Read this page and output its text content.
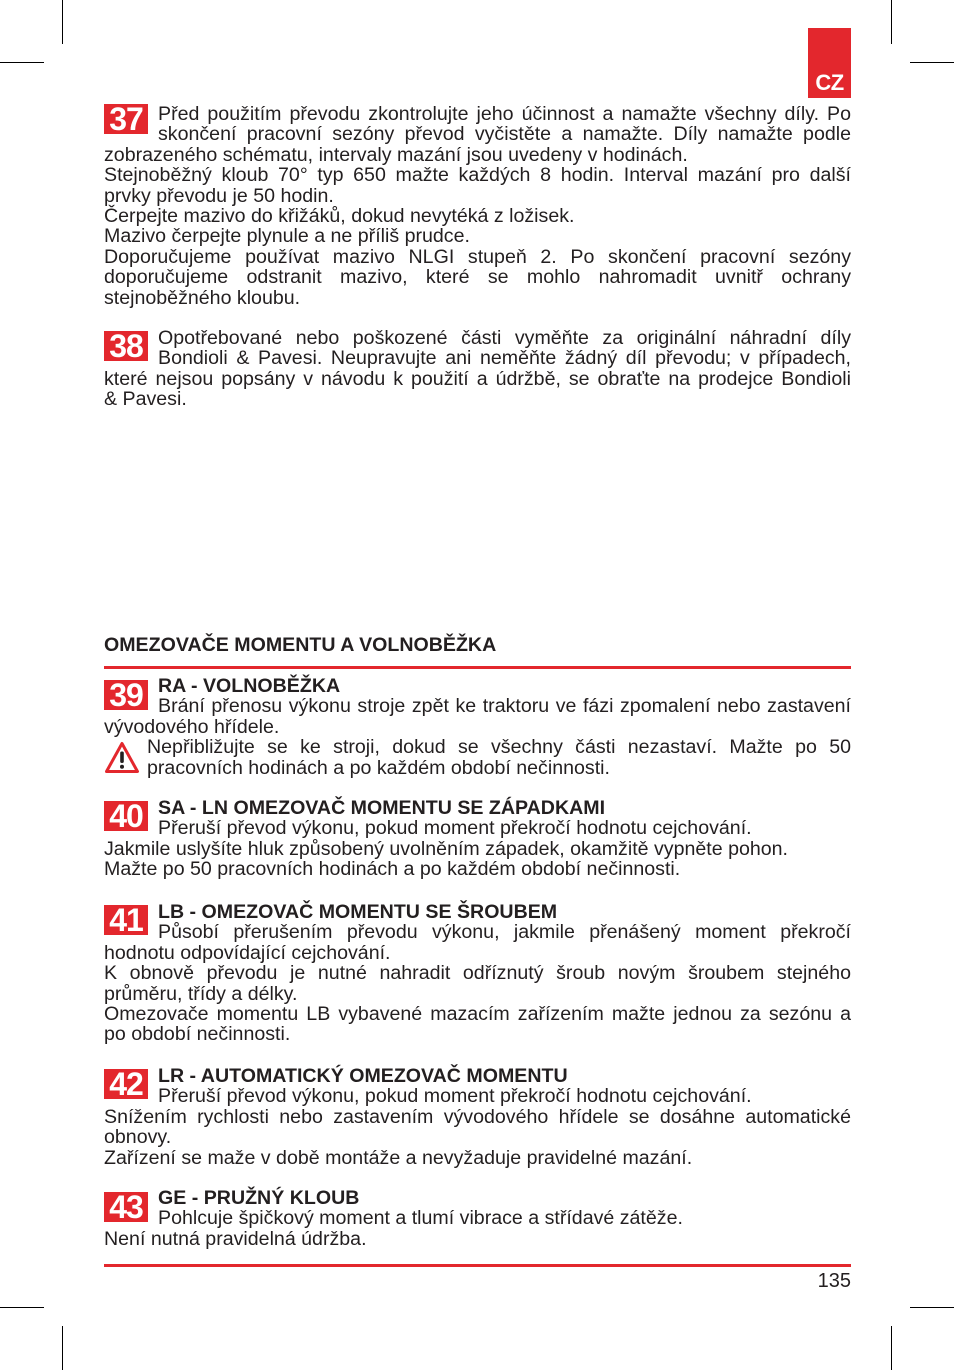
CZ
37 Před použitím převodu zkontrolujte jeho účinnost a namažte všechny díly. Po
skončení pracovní sezóny převod vyčistěte a namažte. Díly namažte podle
zobrazeného schématu, intervaly mazání jsou uvedeny v hodinách.
Stejnoběžný kloub 70° typ 650 mažte každých 8 hodin. Interval mazání pro další
prvky převodu je 50 hodin.
Čerpejte mazivo do křižáků, dokud nevytéká z ložisek.
Mazivo čerpejte plynule a ne příliš prudce.
Doporučujeme používat mazivo NLGI stupeň 2. Po skončení pracovní sezóny
doporučujeme odstranit mazivo, které se mohlo nahromadit uvnitř ochrany
stejnoběžného kloubu.
38 Opotřebované nebo poškozené části vyměňte za originální náhradní díly
Bondioli & Pavesi. Neupravujte ani neměňte žádný díl převodu; v případech,
které nejsou popsány v návodu k použití a údržbě, se obraťte na prodejce Bondioli
& Pavesi.
OMEZOVAČE MOMENTU A VOLNOBĚŽKA
39 RA - VOLNOBĚŽKA
Brání přenosu výkonu stroje zpět ke traktoru ve fázi zpomalení nebo zastavení
vývodového hřídele.
Nepřibližujte se ke stroji, dokud se všechny části nezastaví. Mažte po 50
pracovních hodinách a po každém období nečinnosti.
40 SA - LN OMEZOVAČ MOMENTU SE ZÁPADKAMI
Přeruší převod výkonu, pokud moment překročí hodnotu cejchování.
Jakmile uslyšíte hluk způsobený uvolněním západek, okamžitě vypněte pohon.
Mažte po 50 pracovních hodinách a po každém období nečinnosti.
41 LB - OMEZOVAČ MOMENTU SE ŠROUBEM
Působí přerušením převodu výkonu, jakmile přenášený moment překročí
hodnotu odpovídající cejchování.
K obnově převodu je nutné nahradit odříznutý šroub novým šroubem stejného
průměru, třídy a délky.
Omezovače momentu LB vybavené mazacím zařízením mažte jednou za sezónu a
po období nečinnosti.
42 LR - AUTOMATICKÝ OMEZOVAČ MOMENTU
Přeruší převod výkonu, pokud moment překročí hodnotu cejchování.
Snížením rychlosti nebo zastavením vývodového hřídele se dosáhne automatické
obnovy.
Zařízení se maže v době montáže a nevyžaduje pravidelné mazání.
43 GE - PRUŽNÝ KLOUB
Pohlcuje špičkový moment a tlumí vibrace a střídavé zátěže.
Není nutná pravidelná údržba.
135
